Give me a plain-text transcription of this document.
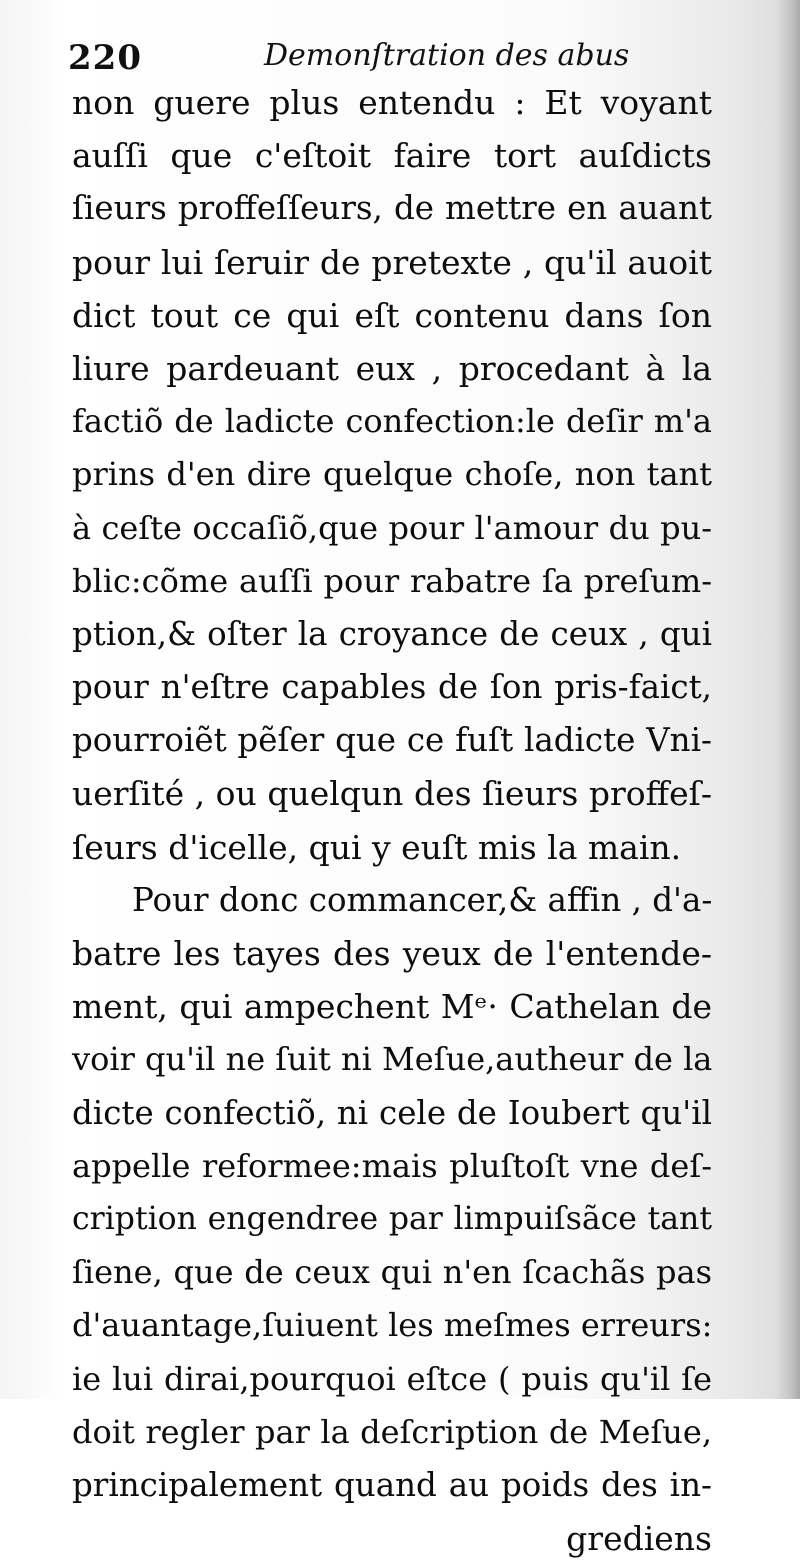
220	Demonſtration des abus
non guere plus entendu : Et voyant
auſſi que c'eſtoit faire tort auſdicts
ſieurs proffeſſeurs, de mettre en auant
pour lui ſeruir de pretexte , qu'il auoit
dict tout ce qui eſt contenu dans ſon
liure pardeuant eux , procedant à la
factiõ de ladicte confection:le deſir m'a
prins d'en dire quelque choſe, non tant
à ceſte occaſiõ,que pour l'amour du pu-
blic:cõme auſſi pour rabatre ſa preſum-
ption,& oſter la croyance de ceux , qui
pour n'eſtre capables de ſon pris-faict,
pourroiẽt pẽſer que ce fuſt ladicte Vni-
uerſité , ou quelqun des ſieurs proffeſ-
ſeurs d'icelle, qui y euſt mis la main.
Pour donc commancer,& affin , d'a-
batre les tayes des yeux de l'entende-
ment, qui ampechent Mᵉ· Cathelan de
voir qu'il ne ſuit ni Meſue,autheur de la
dicte confectiõ, ni cele de Ioubert qu'il
appelle reformee:mais pluſtoſt vne deſ-
cription engendree par limpuiſsãce tant
ſiene, que de ceux qui n'en ſcachãs pas
d'auantage,ſuiuent les meſmes erreurs:
ie lui dirai,pourquoi eſtce ( puis qu'il ſe
doit regler par la deſcription de Meſue,
principalement quand au poids des in-
grediens
